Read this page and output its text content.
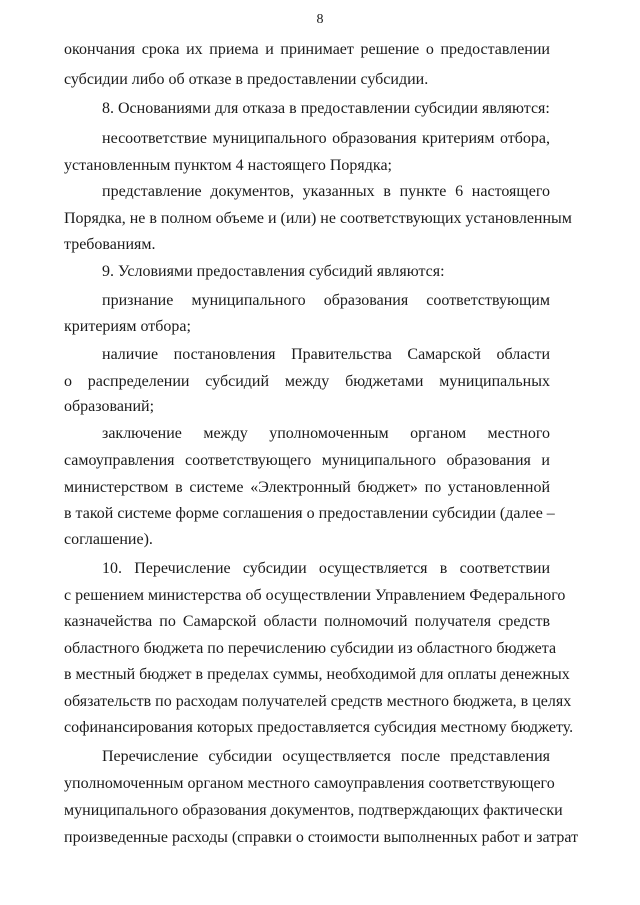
8
окончания срока их приема и принимает решение о предоставлении
субсидии либо об отказе в предоставлении субсидии.
8. Основаниями для отказа в предоставлении субсидии являются:
несоответствие муниципального образования критериям отбора,
установленным пунктом 4 настоящего Порядка;
представление документов, указанных в пункте 6 настоящего
Порядка, не в полном объеме и (или) не соответствующих установленным
требованиям.
9. Условиями предоставления субсидий являются:
признание муниципального образования соответствующим
критериям отбора;
наличие постановления Правительства Самарской области
о распределении субсидий между бюджетами муниципальных
образований;
заключение между уполномоченным органом местного
самоуправления соответствующего муниципального образования и
министерством в системе «Электронный бюджет» по установленной
в такой системе форме соглашения о предоставлении субсидии (далее –
соглашение).
10. Перечисление субсидии осуществляется в соответствии
с решением министерства об осуществлении Управлением Федерального
казначейства по Самарской области полномочий получателя средств
областного бюджета по перечислению субсидии из областного бюджета
в местный бюджет в пределах суммы, необходимой для оплаты денежных
обязательств по расходам получателей средств местного бюджета, в целях
софинансирования которых предоставляется субсидия местному бюджету.
Перечисление субсидии осуществляется после представления
уполномоченным органом местного самоуправления соответствующего
муниципального образования документов, подтверждающих фактически
произведенные расходы (справки о стоимости выполненных работ и затрат
